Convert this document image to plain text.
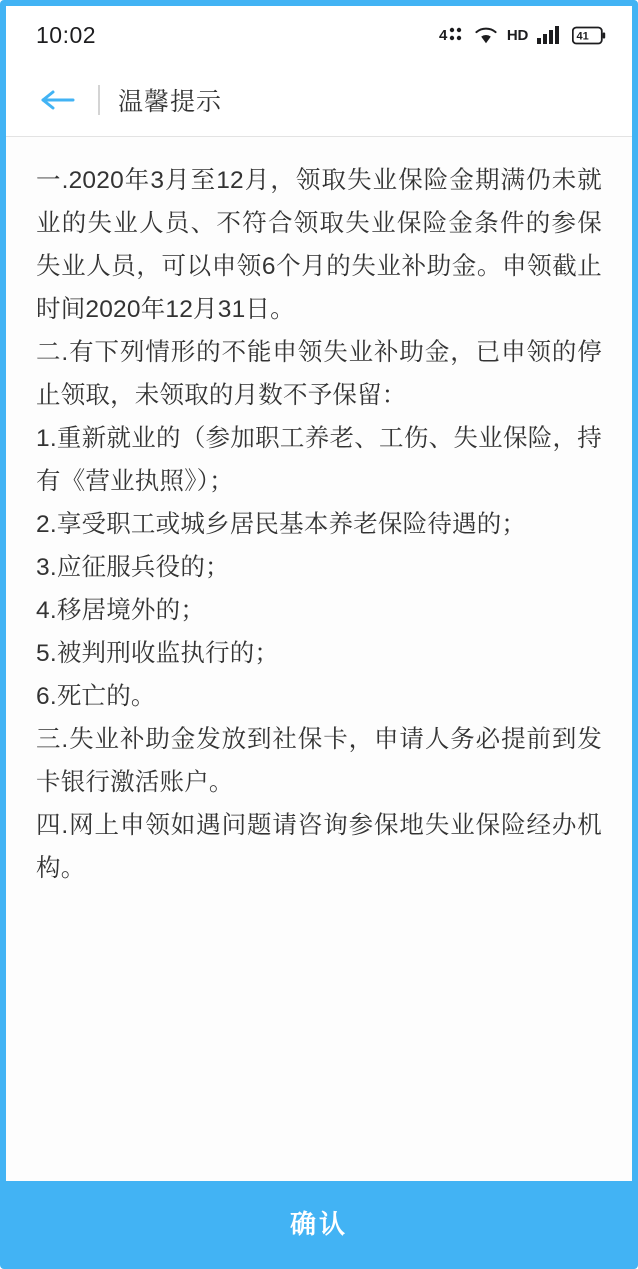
10:02	4	HD	41
温馨提示

一.2020年3月至12月，领取失业保险金期满仍未就业的失业人员、不符合领取失业保险金条件的参保失业人员，可以申领6个月的失业补助金。申领截止时间2020年12月31日。

二.有下列情形的不能申领失业补助金，已申领的停止领取，未领取的月数不予保留：

1.重新就业的（参加职工养老、工伤、失业保险，持有《营业执照》）；

2.享受职工或城乡居民基本养老保险待遇的；

3.应征服兵役的；

4.移居境外的；

5.被判刑收监执行的；

6.死亡的。

三.失业补助金发放到社保卡，申请人务必提前到发卡银行激活账户。

四.网上申领如遇问题请咨询参保地失业保险经办机构。

确认
